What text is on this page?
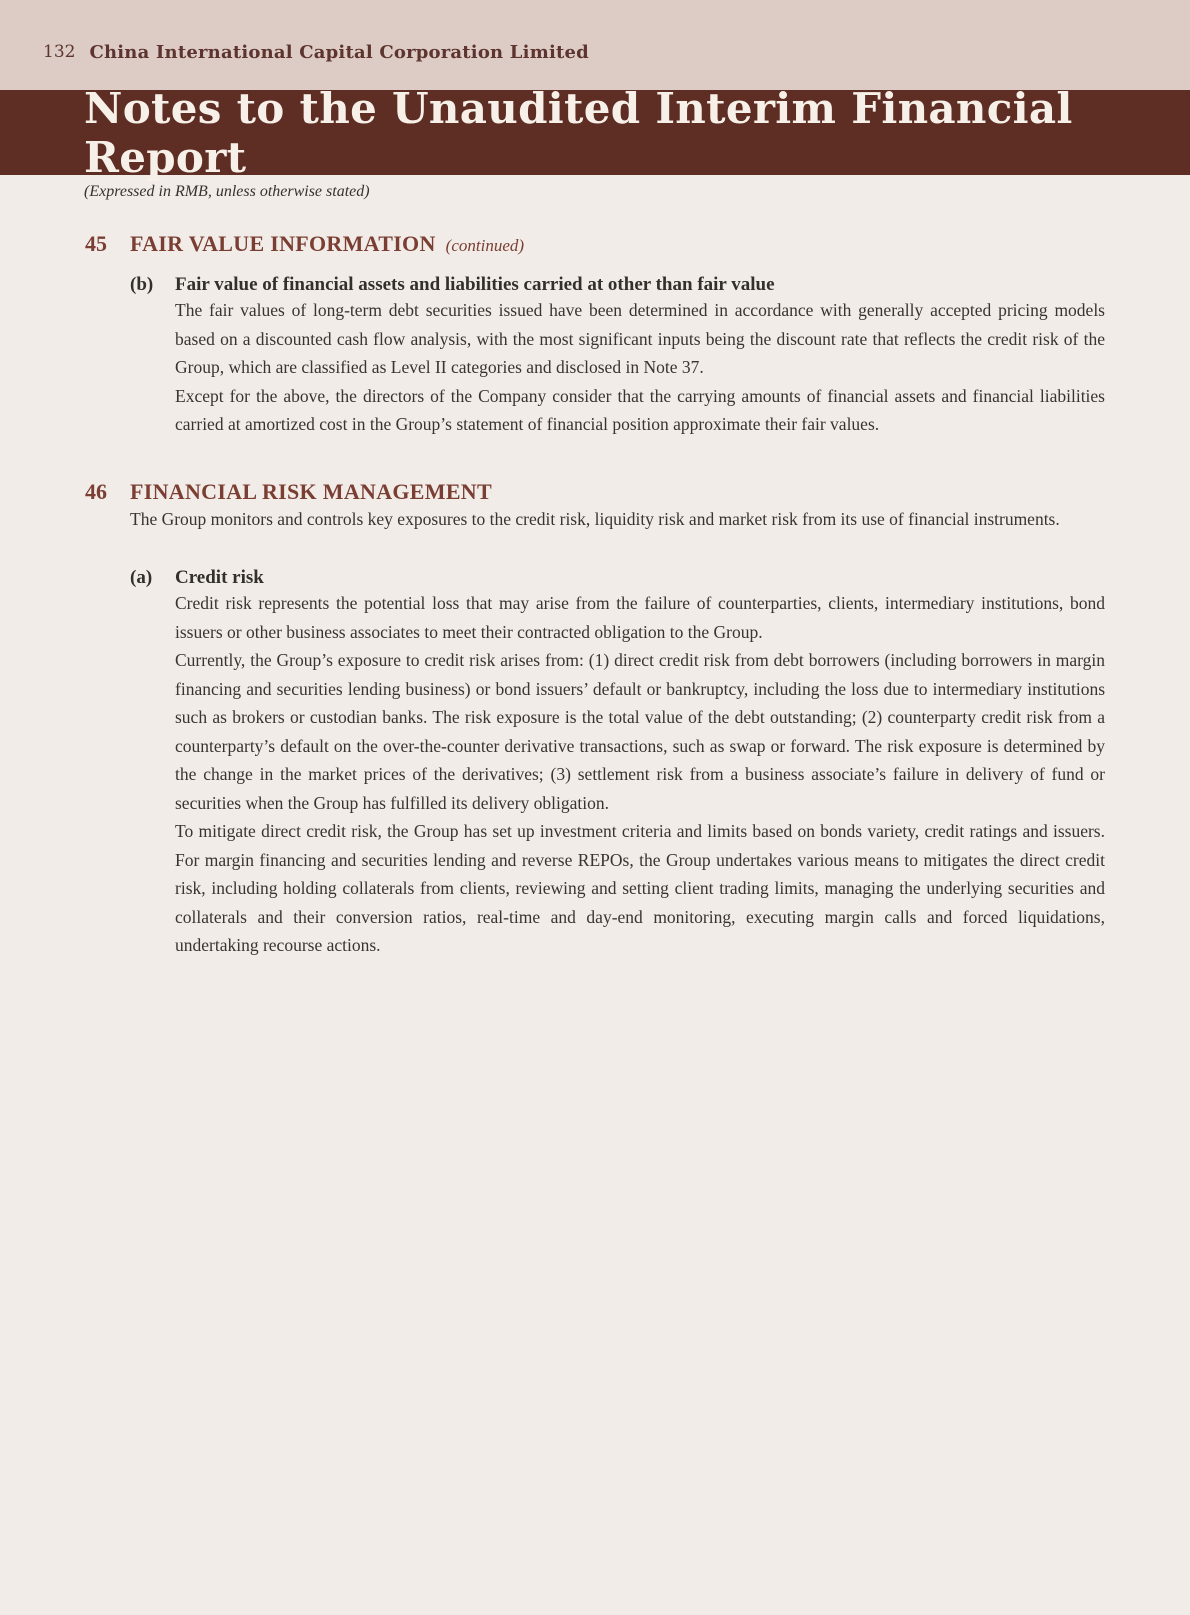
132 China International Capital Corporation Limited
Notes to the Unaudited Interim Financial Report
(Expressed in RMB, unless otherwise stated)
45	FAIR VALUE INFORMATION (continued)
(b)	Fair value of financial assets and liabilities carried at other than fair value

The fair values of long-term debt securities issued have been determined in accordance with generally accepted pricing models based on a discounted cash flow analysis, with the most significant inputs being the discount rate that reflects the credit risk of the Group, which are classified as Level II categories and disclosed in Note 37.

Except for the above, the directors of the Company consider that the carrying amounts of financial assets and financial liabilities carried at amortized cost in the Group’s statement of financial position approximate their fair values.

46	FINANCIAL RISK MANAGEMENT

The Group monitors and controls key exposures to the credit risk, liquidity risk and market risk from its use of financial instruments.

(a)	Credit risk

Credit risk represents the potential loss that may arise from the failure of counterparties, clients, intermediary institutions, bond issuers or other business associates to meet their contracted obligation to the Group.

Currently, the Group’s exposure to credit risk arises from: (1) direct credit risk from debt borrowers (including borrowers in margin financing and securities lending business) or bond issuers’ default or bankruptcy, including the loss due to intermediary institutions such as brokers or custodian banks. The risk exposure is the total value of the debt outstanding; (2) counterparty credit risk from a counterparty’s default on the over-the-counter derivative transactions, such as swap or forward. The risk exposure is determined by the change in the market prices of the derivatives; (3) settlement risk from a business associate’s failure in delivery of fund or securities when the Group has fulfilled its delivery obligation.

To mitigate direct credit risk, the Group has set up investment criteria and limits based on bonds variety, credit ratings and issuers. For margin financing and securities lending and reverse REPOs, the Group undertakes various means to mitigates the direct credit risk, including holding collaterals from clients, reviewing and setting client trading limits, managing the underlying securities and collaterals and their conversion ratios, real-time and day-end monitoring, executing margin calls and forced liquidations, undertaking recourse actions.
